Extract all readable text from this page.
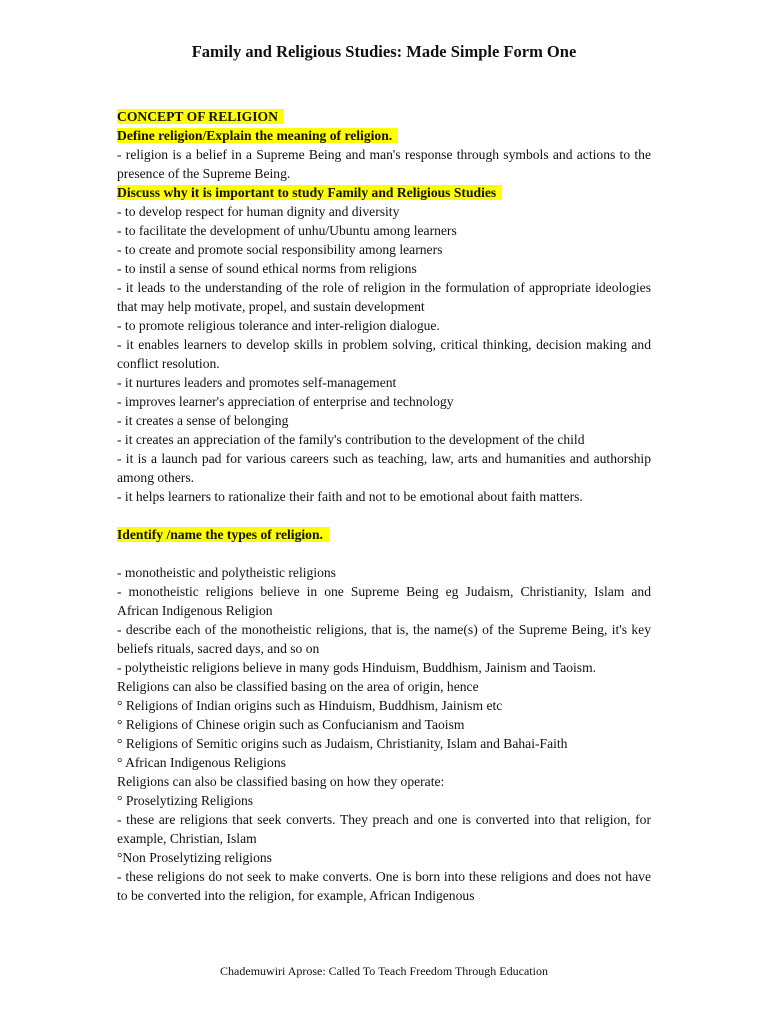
Family and Religious Studies: Made Simple Form One

CONCEPT OF RELIGION

Define religion/Explain the meaning of religion.

- religion is a belief in a Supreme Being and man's response through symbols and actions to the presence of the Supreme Being.

Discuss why it is important to study Family and Religious Studies

- to develop respect for human dignity and diversity

- to facilitate the development of unhu/Ubuntu among learners

- to create and promote social responsibility among learners

- to instil a sense of sound ethical norms from religions

- it leads to the understanding of the role of religion in the formulation of appropriate ideologies that may help motivate, propel, and sustain development

- to promote religious tolerance and inter-religion dialogue.

- it enables learners to develop skills in problem solving, critical thinking, decision making and conflict resolution.

- it nurtures leaders and promotes self-management

- improves learner's appreciation of enterprise and technology

- it creates a sense of belonging

- it creates an appreciation of the family's contribution to the development of the child

- it is a launch pad for various careers such as teaching, law, arts and humanities and authorship among others.

- it helps learners to rationalize their faith and not to be emotional about faith matters.

Identify /name the types of religion.

- monotheistic and polytheistic religions

- monotheistic religions believe in one Supreme Being eg Judaism, Christianity, Islam and African Indigenous Religion

- describe each of the monotheistic religions, that is, the name(s) of the Supreme Being, it's key beliefs rituals, sacred days, and so on

- polytheistic religions believe in many gods Hinduism, Buddhism, Jainism and Taoism.

Religions can also be classified basing on the area of origin, hence

° Religions of Indian origins such as Hinduism, Buddhism, Jainism etc

° Religions of Chinese origin such as Confucianism and Taoism

° Religions of Semitic origins such as Judaism, Christianity, Islam and Bahai-Faith

° African Indigenous Religions

Religions can also be classified basing on how they operate:

° Proselytizing Religions

- these are religions that seek converts. They preach and one is converted into that religion, for example, Christian, Islam

°Non Proselytizing religions

- these religions do not seek to make converts. One is born into these religions and does not have to be converted into the religion, for example, African Indigenous

Chademuwiri Aprose: Called To Teach Freedom Through Education
